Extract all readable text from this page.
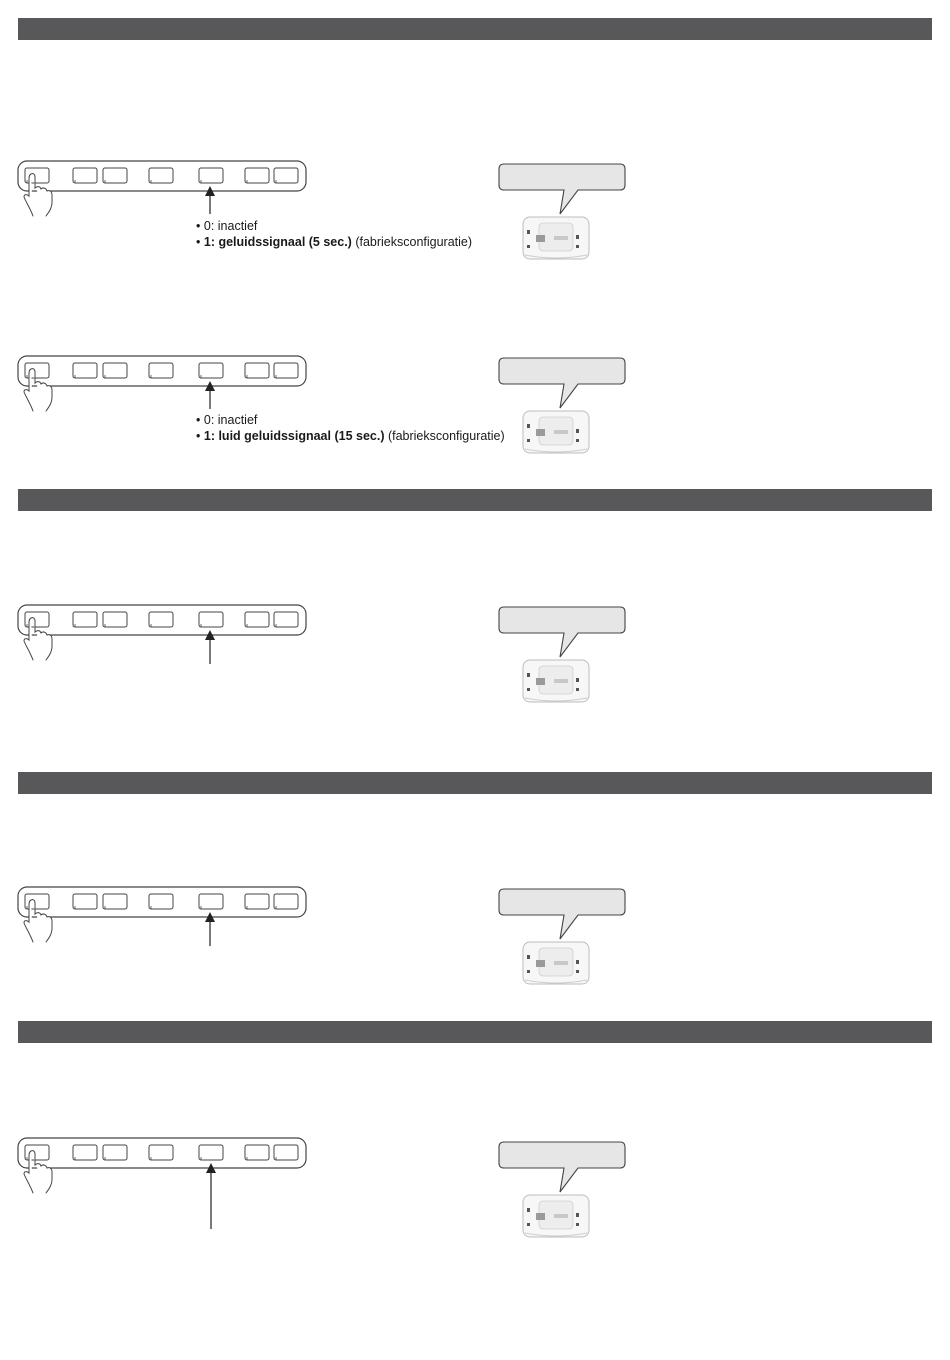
• 0: inactief
• 1: geluidssignaal (5 sec.) (fabrieksconfiguratie)
• 0: inactief
• 1: luid geluidssignaal (15 sec.) (fabrieksconfiguratie)
